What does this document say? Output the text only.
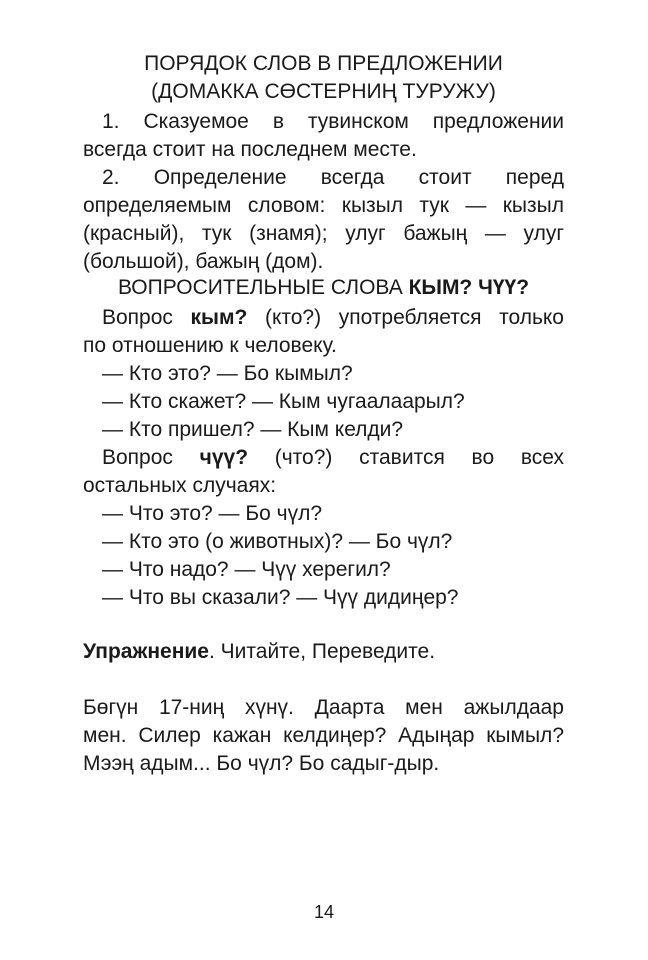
ПОРЯДОК СЛОВ В ПРЕДЛОЖЕНИИ
(ДОМАККА СӨСТЕРНИҢ ТУРУЖУ)
1. Сказуемое в тувинском предложении
всегда стоит на последнем месте.
2. Определение всегда стоит перед
определяемым словом: кызыл тук — кызыл
(красный), тук (знамя); улуг бажың — улуг
(большой), бажың (дом).
ВОПРОСИТЕЛЬНЫЕ СЛОВА КЫМ? ЧҮҮ?
Вопрос кым? (кто?) употребляется только
по отношению к человеку.
— Кто это? — Бо кымыл?
— Кто скажет? — Кым чугаалаарыл?
— Кто пришел? — Кым келди?
Вопрос чүү? (что?) ставится во всех
остальных случаях:
— Что это? — Бо чүл?
— Кто это (о животных)? — Бо чүл?
— Что надо? — Чүү херегил?
— Что вы сказали? — Чүү дидиңер?
Упражнение. Читайте, Переведите.
Бөгүн 17-ниң хүнү. Даарта мен ажылдаар
мен. Силер кажан келдиңер? Адыңар кымыл?
Мээң адым... Бо чүл? Бо садыг-дыр.
14
